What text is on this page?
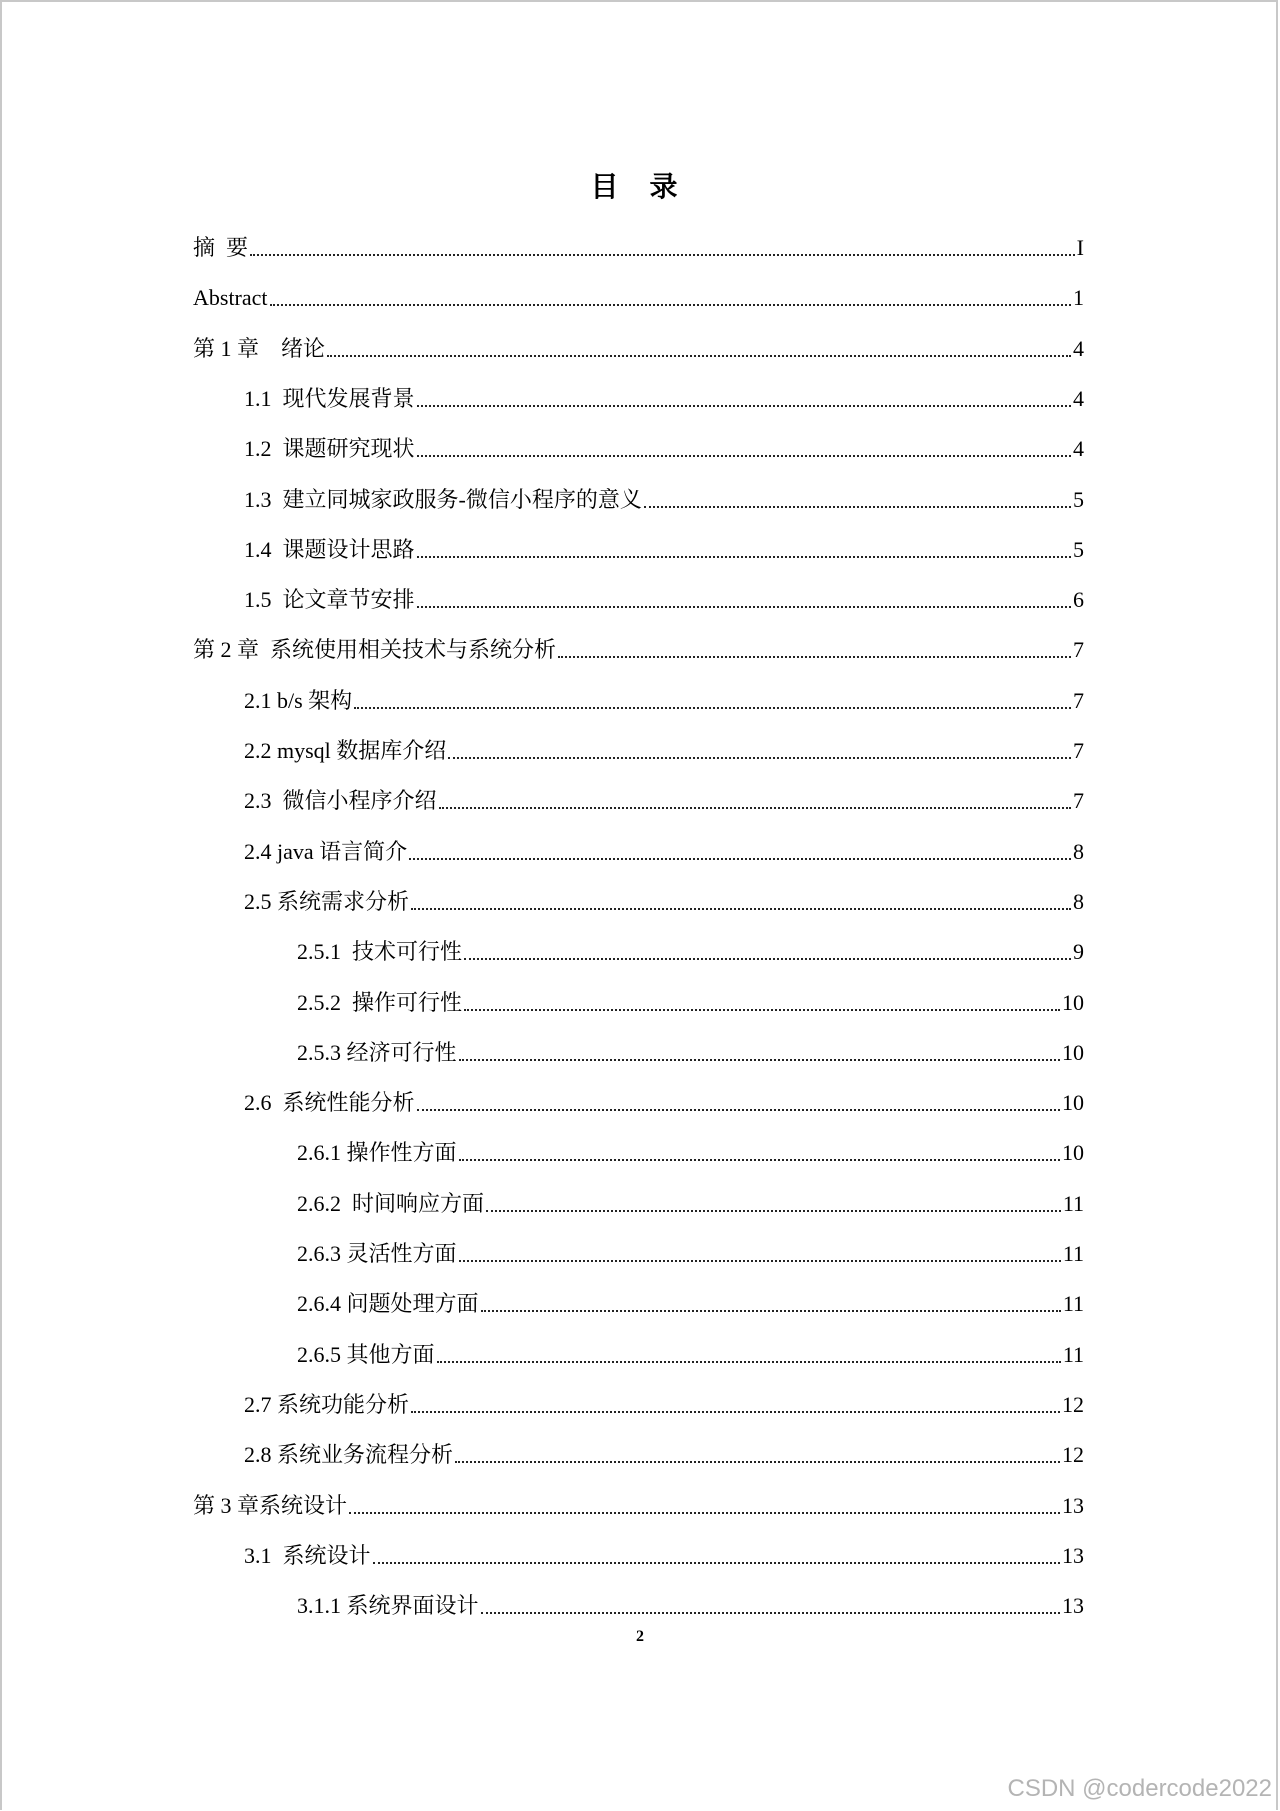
目 录
摘  要	I
Abstract	1
第 1 章    绪论	4
1.1  现代发展背景	4
1.2  课题研究现状	4
1.3  建立同城家政服务-微信小程序的意义	5
1.4  课题设计思路	5
1.5  论文章节安排	6
第 2 章  系统使用相关技术与系统分析	7
2.1 b/s 架构	7
2.2 mysql 数据库介绍	7
2.3  微信小程序介绍	7
2.4 java 语言简介	8
2.5 系统需求分析	8
2.5.1  技术可行性	9
2.5.2  操作可行性	10
2.5.3 经济可行性	10
2.6  系统性能分析	10
2.6.1 操作性方面	10
2.6.2  时间响应方面	11
2.6.3 灵活性方面	11
2.6.4 问题处理方面	11
2.6.5 其他方面	11
2.7 系统功能分析	12
2.8 系统业务流程分析	12
第 3 章系统设计	13
3.1  系统设计	13
3.1.1 系统界面设计	13
2
CSDN @codercode2022
